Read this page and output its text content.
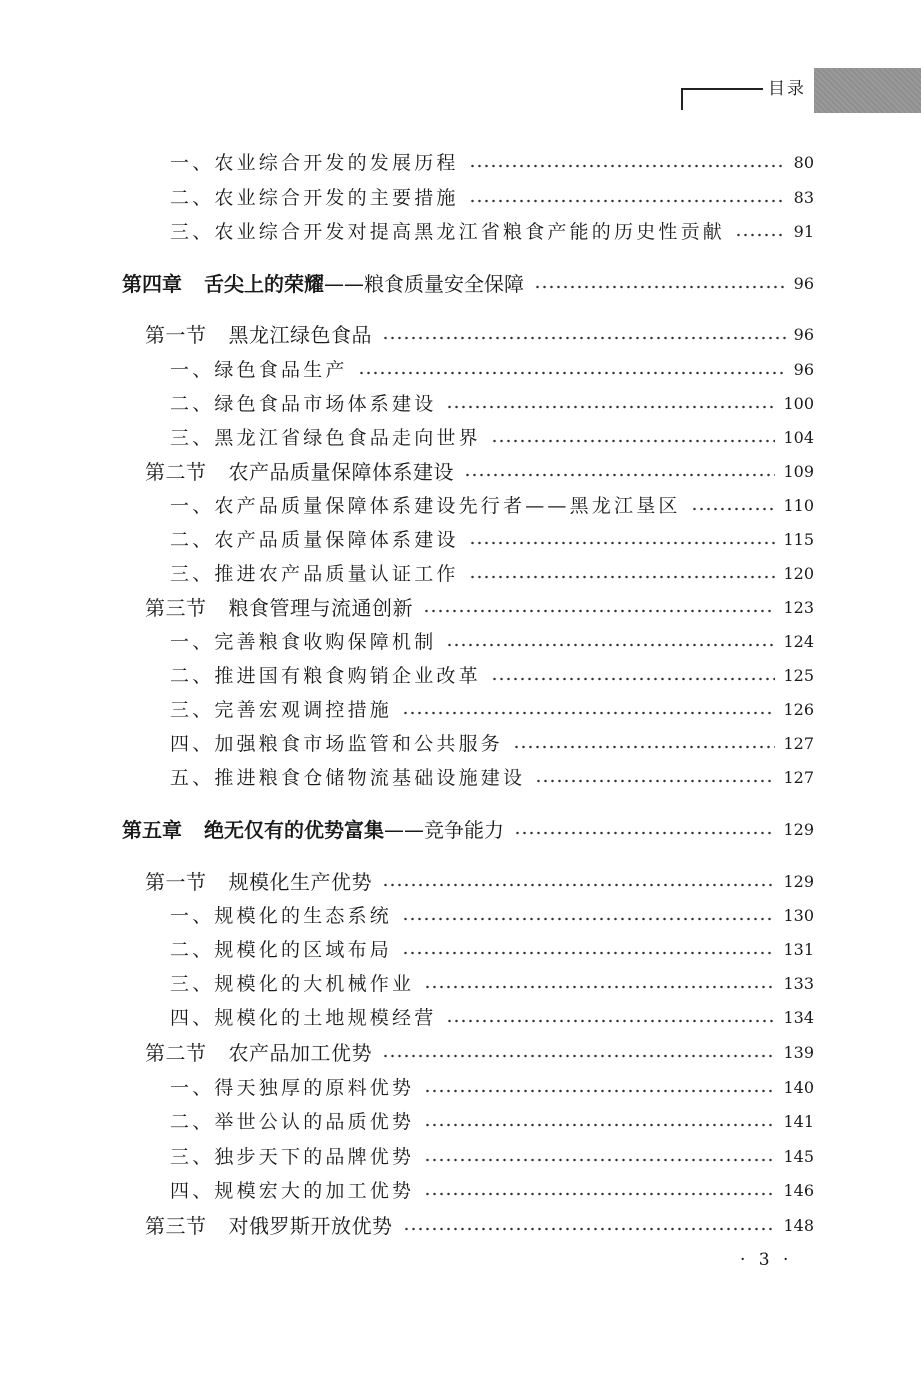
目录
一、农业综合开发的发展历程	80
二、农业综合开发的主要措施	83
三、农业综合开发对提高黑龙江省粮食产能的历史性贡献	91
第四章 舌尖上的荣耀——粮食质量安全保障	96
第一节 黑龙江绿色食品	96
一、绿色食品生产	96
二、绿色食品市场体系建设	100
三、黑龙江省绿色食品走向世界	104
第二节 农产品质量保障体系建设	109
一、农产品质量保障体系建设先行者——黑龙江垦区	110
二、农产品质量保障体系建设	115
三、推进农产品质量认证工作	120
第三节 粮食管理与流通创新	123
一、完善粮食收购保障机制	124
二、推进国有粮食购销企业改革	125
三、完善宏观调控措施	126
四、加强粮食市场监管和公共服务	127
五、推进粮食仓储物流基础设施建设	127
第五章 绝无仅有的优势富集——竞争能力	129
第一节 规模化生产优势	129
一、规模化的生态系统	130
二、规模化的区域布局	131
三、规模化的大机械作业	133
四、规模化的土地规模经营	134
第二节 农产品加工优势	139
一、得天独厚的原料优势	140
二、举世公认的品质优势	141
三、独步天下的品牌优势	145
四、规模宏大的加工优势	146
第三节 对俄罗斯开放优势	148
· 3 ·
